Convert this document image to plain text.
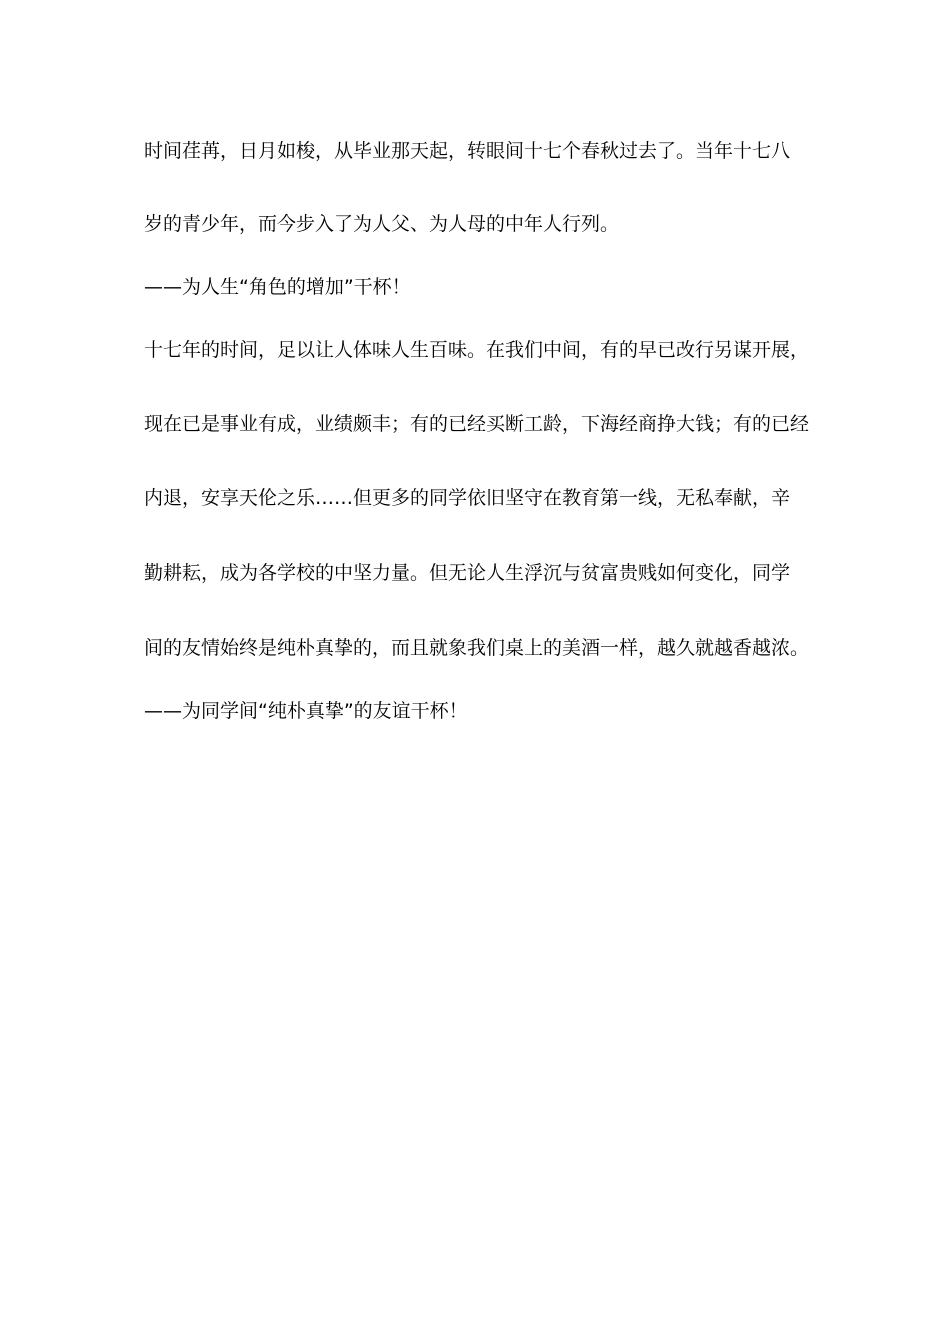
时间荏苒，日月如梭，从毕业那天起，转眼间十七个春秋过去了。当年十七八
岁的青少年，而今步入了为人父、为人母的中年人行列。
——为人生“角色的增加”干杯！
十七年的时间，足以让人体味人生百味。在我们中间，有的早已改行另谋开展，
现在已是事业有成，业绩颇丰；有的已经买断工龄，下海经商挣大钱；有的已经
内退，安享天伦之乐……但更多的同学依旧坚守在教育第一线，无私奉献，辛
勤耕耘，成为各学校的中坚力量。但无论人生浮沉与贫富贵贱如何变化，同学
间的友情始终是纯朴真挚的，而且就象我们桌上的美酒一样，越久就越香越浓。
——为同学间“纯朴真挚”的友谊干杯！
